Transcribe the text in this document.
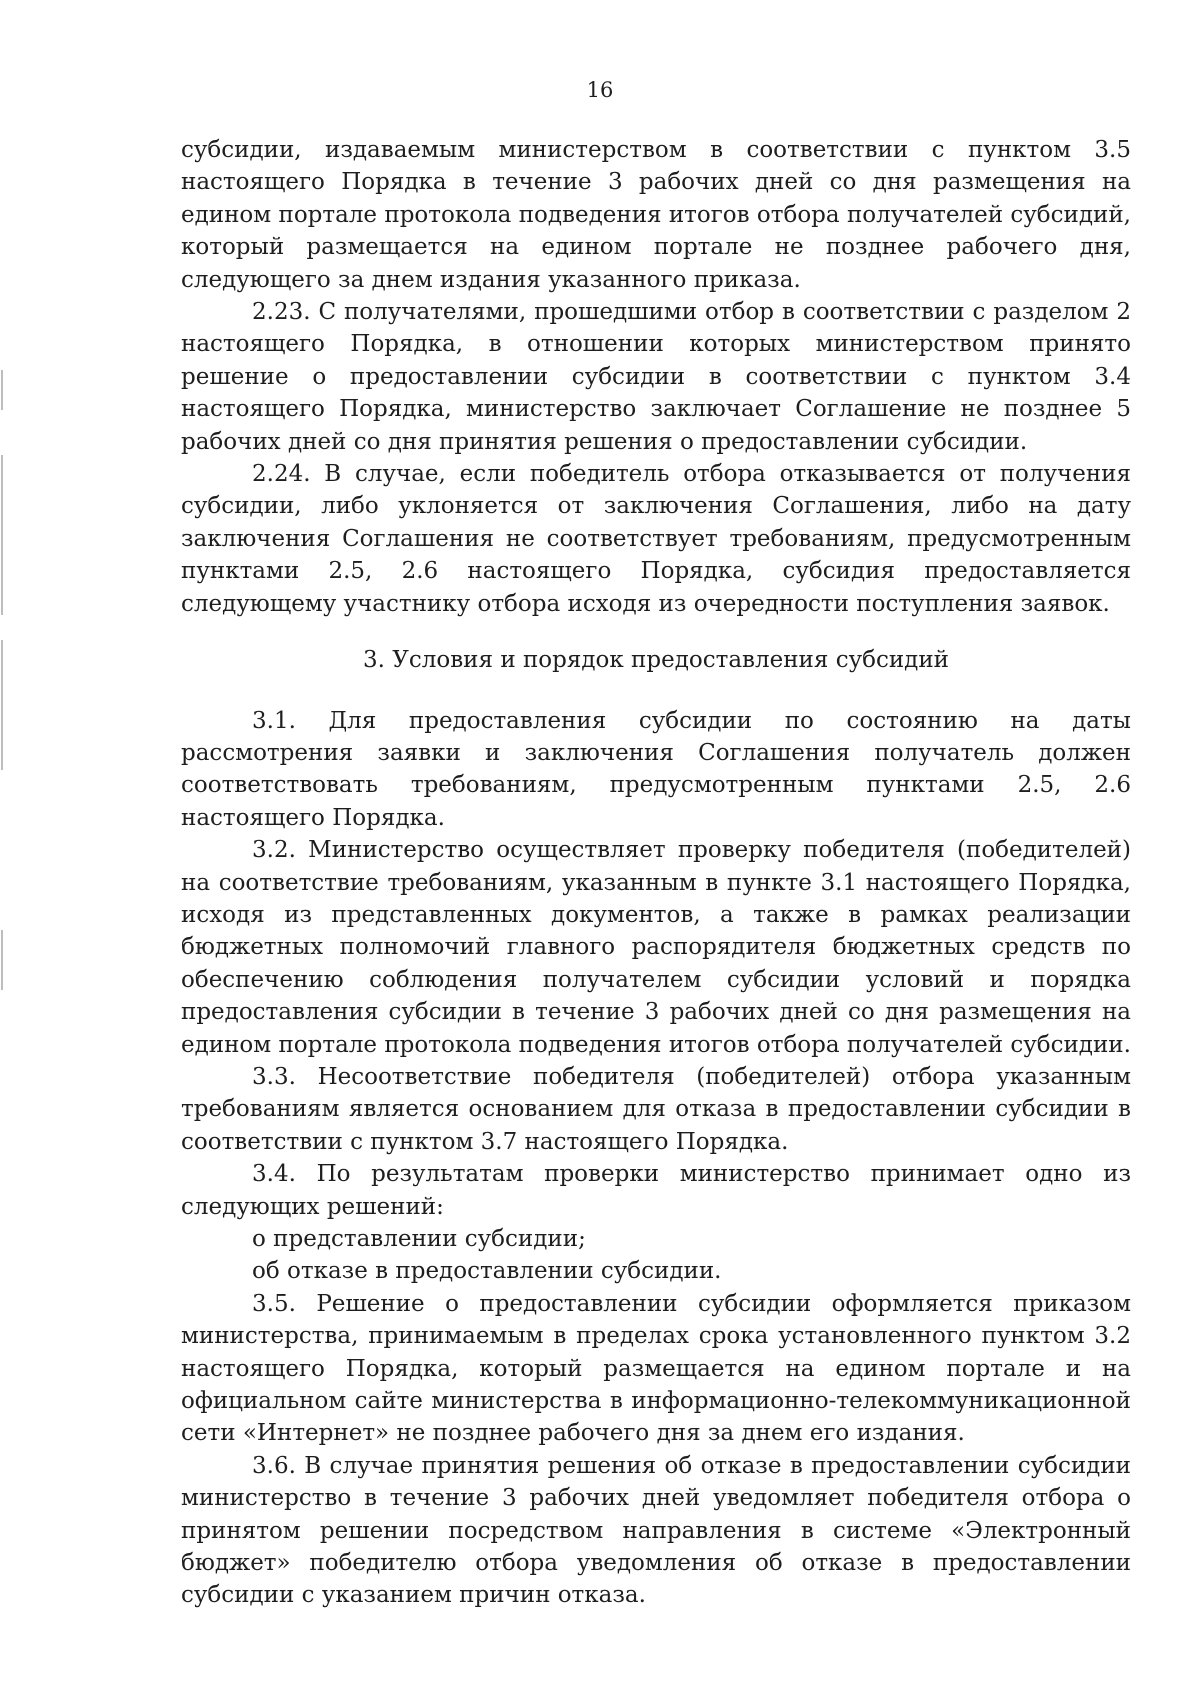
16

субсидии, издаваемым министерством в соответствии с пунктом 3.5 настоящего Порядка в течение 3 рабочих дней со дня размещения на едином портале протокола подведения итогов отбора получателей субсидий, который размещается на едином портале не позднее рабочего дня, следующего за днем издания указанного приказа.

2.23. С получателями, прошедшими отбор в соответствии с разделом 2 настоящего Порядка, в отношении которых министерством принято решение о предоставлении субсидии в соответствии с пунктом 3.4 настоящего Порядка, министерство заключает Соглашение не позднее 5 рабочих дней со дня принятия решения о предоставлении субсидии.

2.24. В случае, если победитель отбора отказывается от получения субсидии, либо уклоняется от заключения Соглашения, либо на дату заключения Соглашения не соответствует требованиям, предусмотренным пунктами 2.5, 2.6 настоящего Порядка, субсидия предоставляется следующему участнику отбора исходя из очередности поступления заявок.

3. Условия и порядок предоставления субсидий

3.1. Для предоставления субсидии по состоянию на даты рассмотрения заявки и заключения Соглашения получатель должен соответствовать требованиям, предусмотренным пунктами 2.5, 2.6 настоящего Порядка.

3.2. Министерство осуществляет проверку победителя (победителей) на соответствие требованиям, указанным в пункте 3.1 настоящего Порядка, исходя из представленных документов, а также в рамках реализации бюджетных полномочий главного распорядителя бюджетных средств по обеспечению соблюдения получателем субсидии условий и порядка предоставления субсидии в течение 3 рабочих дней со дня размещения на едином портале протокола подведения итогов отбора получателей субсидии.

3.3. Несоответствие победителя (победителей) отбора указанным требованиям является основанием для отказа в предоставлении субсидии в соответствии с пунктом 3.7 настоящего Порядка.

3.4. По результатам проверки министерство принимает одно из следующих решений:

о представлении субсидии;

об отказе в предоставлении субсидии.

3.5. Решение о предоставлении субсидии оформляется приказом министерства, принимаемым в пределах срока установленного пунктом 3.2 настоящего Порядка, который размещается на едином портале и на официальном сайте министерства в информационно-телекоммуникационной сети «Интернет» не позднее рабочего дня за днем его издания.

3.6. В случае принятия решения об отказе в предоставлении субсидии министерство в течение 3 рабочих дней уведомляет победителя отбора о принятом решении посредством направления в системе «Электронный бюджет» победителю отбора уведомления об отказе в предоставлении субсидии с указанием причин отказа.
